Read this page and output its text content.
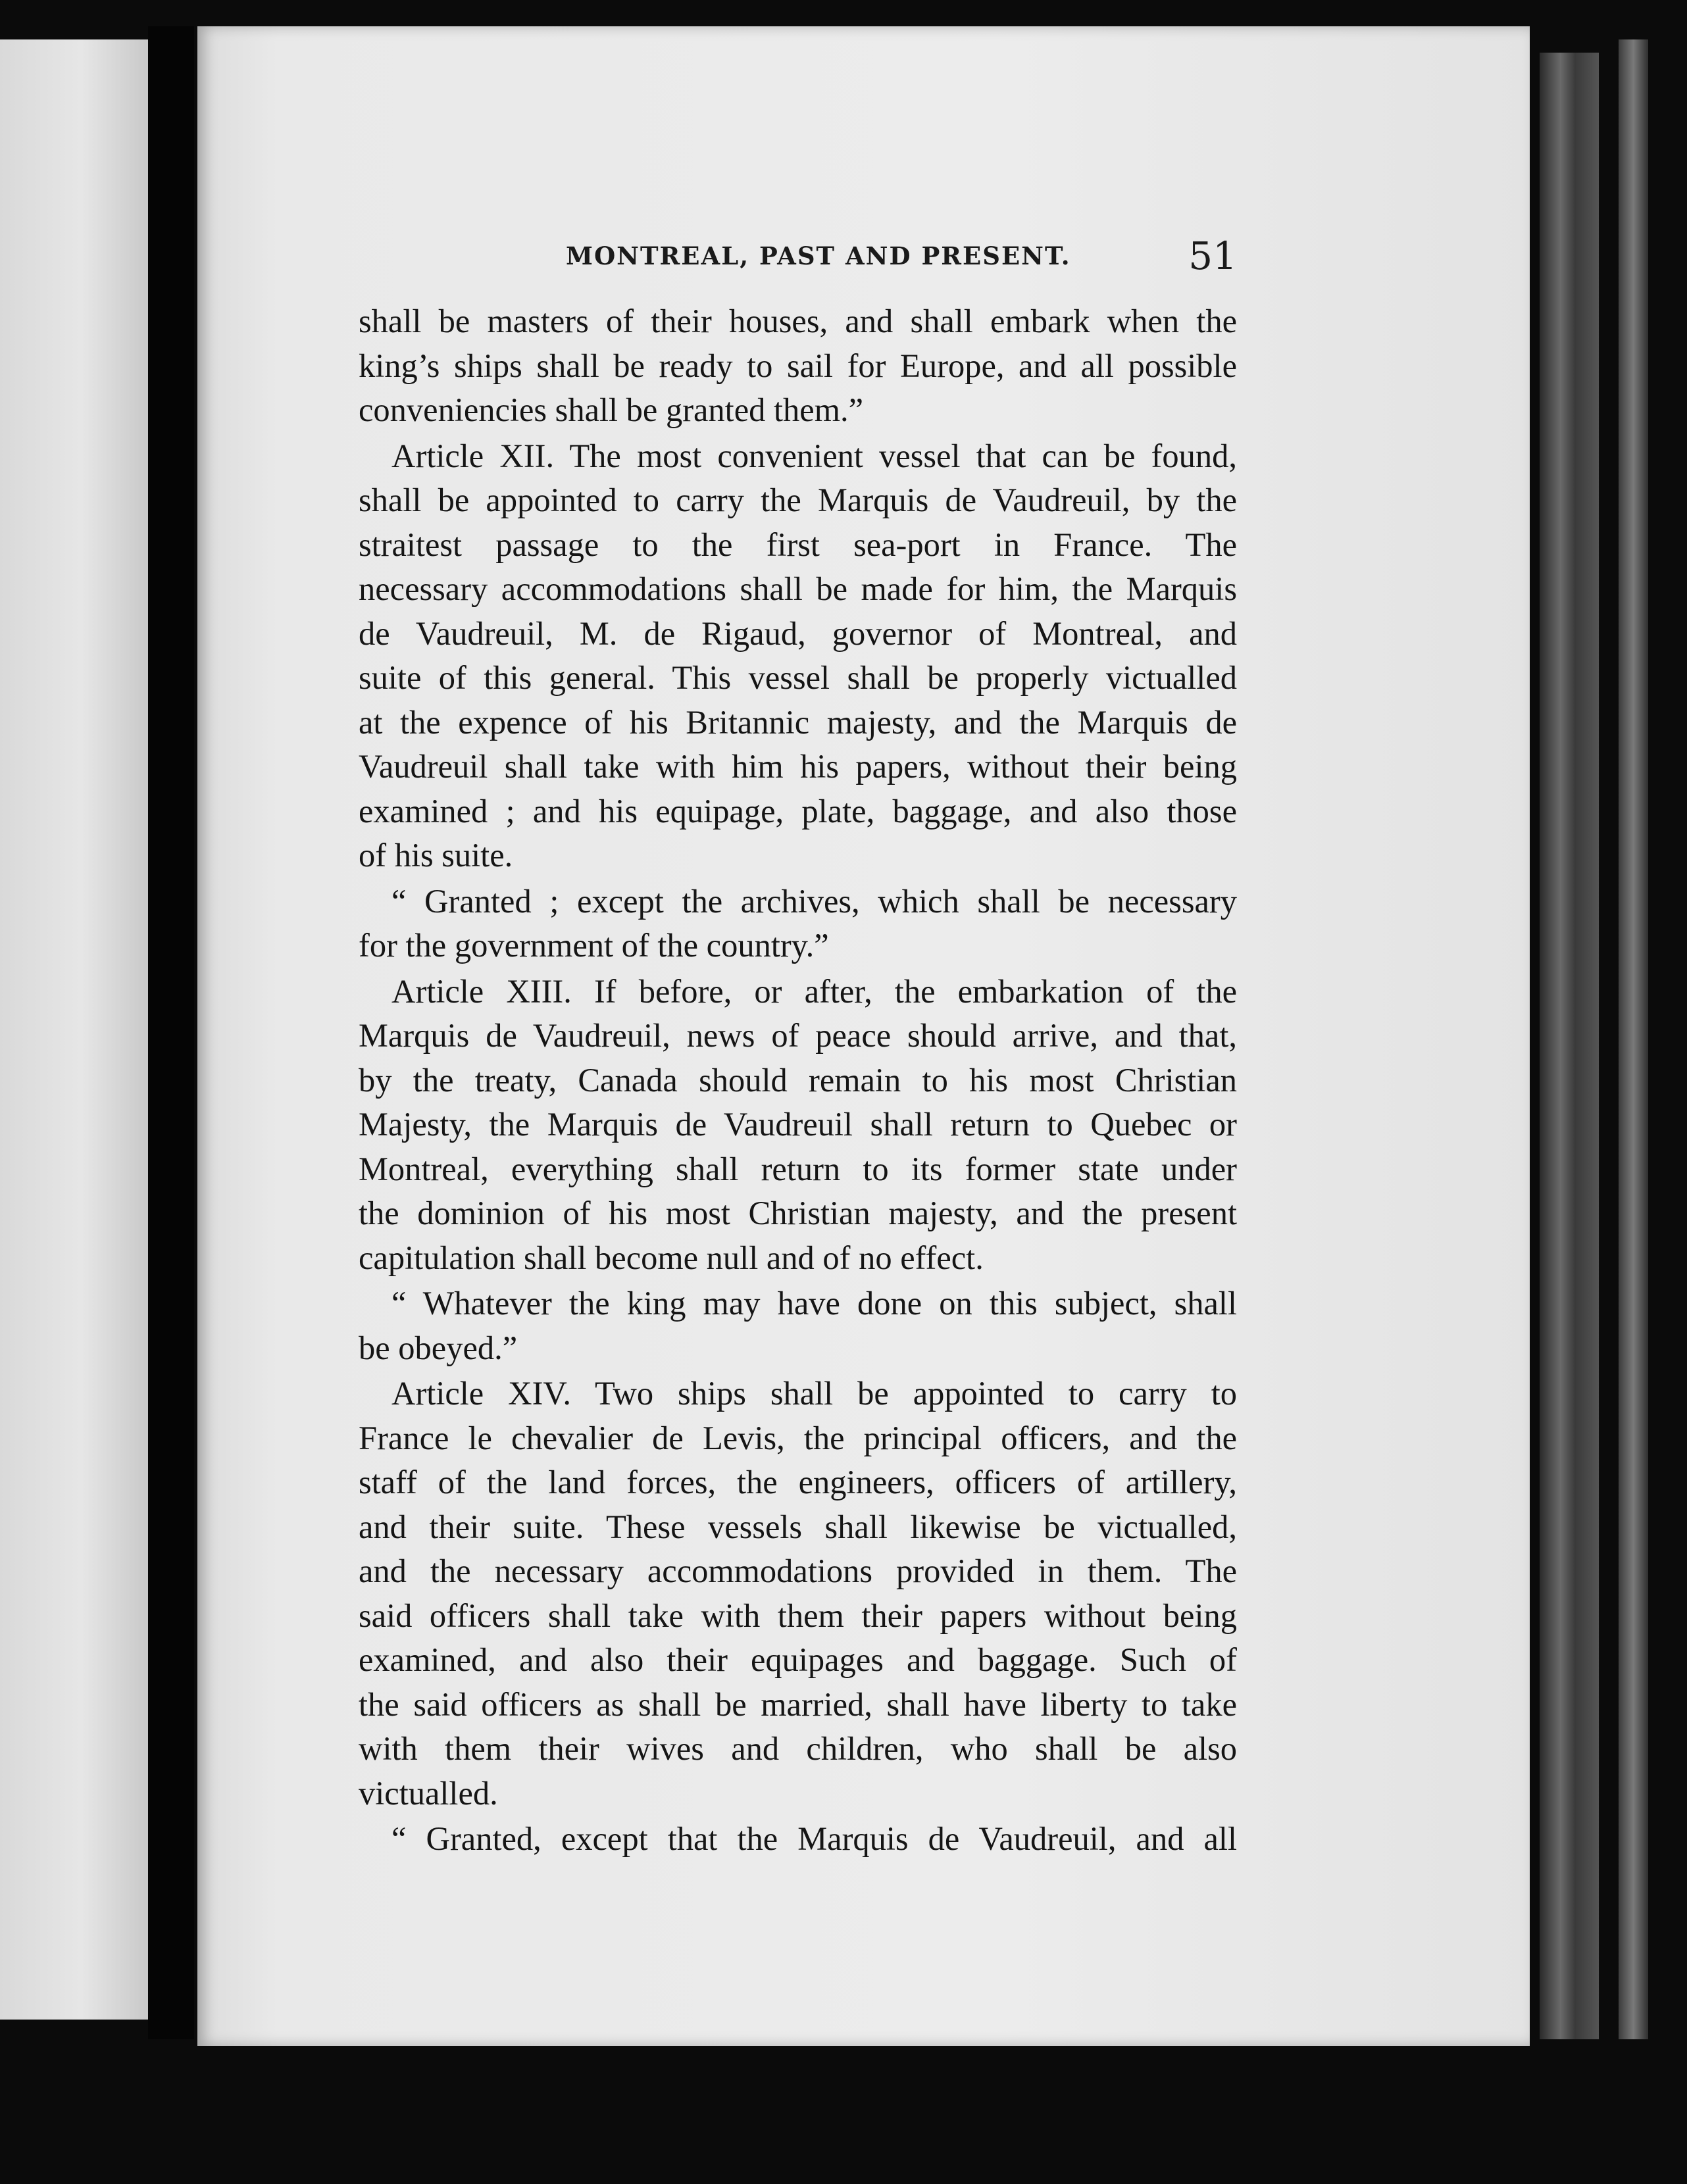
MONTREAL, PAST AND PRESENT.	51
shall be masters of their houses, and shall embark when the
king’s ships shall be ready to sail for Europe, and all possible
conveniencies shall be granted them.”
Article XII. The most convenient vessel that can be found,
shall be appointed to carry the Marquis de Vaudreuil, by the
straitest passage to the first sea-port in France. The
necessary accommodations shall be made for him, the Marquis
de Vaudreuil, M. de Rigaud, governor of Montreal, and
suite of this general. This vessel shall be properly victualled
at the expence of his Britannic majesty, and the Marquis de
Vaudreuil shall take with him his papers, without their being
examined ; and his equipage, plate, baggage, and also those
of his suite.
“ Granted ; except the archives, which shall be necessary
for the government of the country.”
Article XIII. If before, or after, the embarkation of the
Marquis de Vaudreuil, news of peace should arrive, and that,
by the treaty, Canada should remain to his most Christian
Majesty, the Marquis de Vaudreuil shall return to Quebec or
Montreal, everything shall return to its former state under
the dominion of his most Christian majesty, and the present
capitulation shall become null and of no effect.
“ Whatever the king may have done on this subject, shall
be obeyed.”
Article XIV. Two ships shall be appointed to carry to
France le chevalier de Levis, the principal officers, and the
staff of the land forces, the engineers, officers of artillery,
and their suite. These vessels shall likewise be victualled,
and the necessary accommodations provided in them. The
said officers shall take with them their papers without being
examined, and also their equipages and baggage. Such of
the said officers as shall be married, shall have liberty to take
with them their wives and children, who shall be also
victualled.
“ Granted, except that the Marquis de Vaudreuil, and all
